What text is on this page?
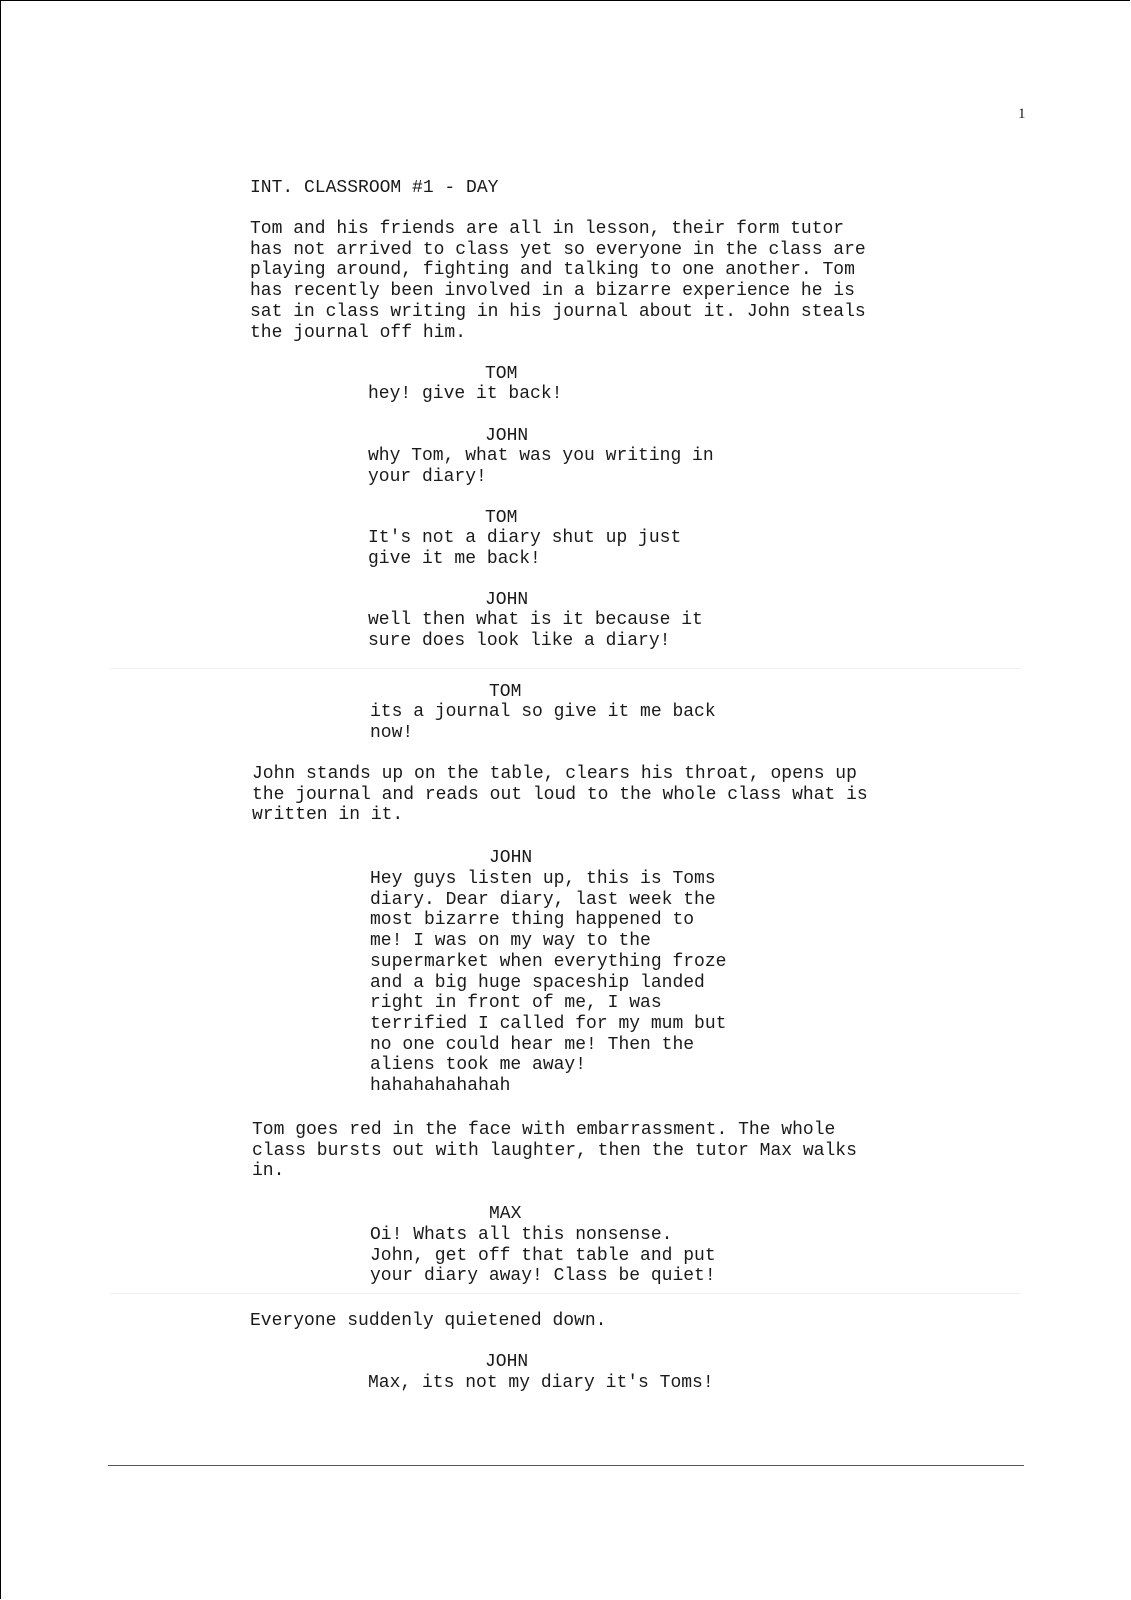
1
INT. CLASSROOM #1 - DAY
Tom and his friends are all in lesson, their form tutor
has not arrived to class yet so everyone in the class are
playing around, fighting and talking to one another. Tom
has recently been involved in a bizarre experience he is
sat in class writing in his journal about it. John steals
the journal off him.
TOM
hey! give it back!
JOHN
why Tom, what was you writing in
your diary!
TOM
It's not a diary shut up just
give it me back!
JOHN
well then what is it because it
sure does look like a diary!
TOM
its a journal so give it me back
now!
John stands up on the table, clears his throat, opens up
the journal and reads out loud to the whole class what is
written in it.
JOHN
Hey guys listen up, this is Toms
diary. Dear diary, last week the
most bizarre thing happened to
me! I was on my way to the
supermarket when everything froze
and a big huge spaceship landed
right in front of me, I was
terrified I called for my mum but
no one could hear me! Then the
aliens took me away!
hahahahahahah
Tom goes red in the face with embarrassment. The whole
class bursts out with laughter, then the tutor Max walks
in.
MAX
Oi! Whats all this nonsense.
John, get off that table and put
your diary away! Class be quiet!
Everyone suddenly quietened down.
JOHN
Max, its not my diary it's Toms!
